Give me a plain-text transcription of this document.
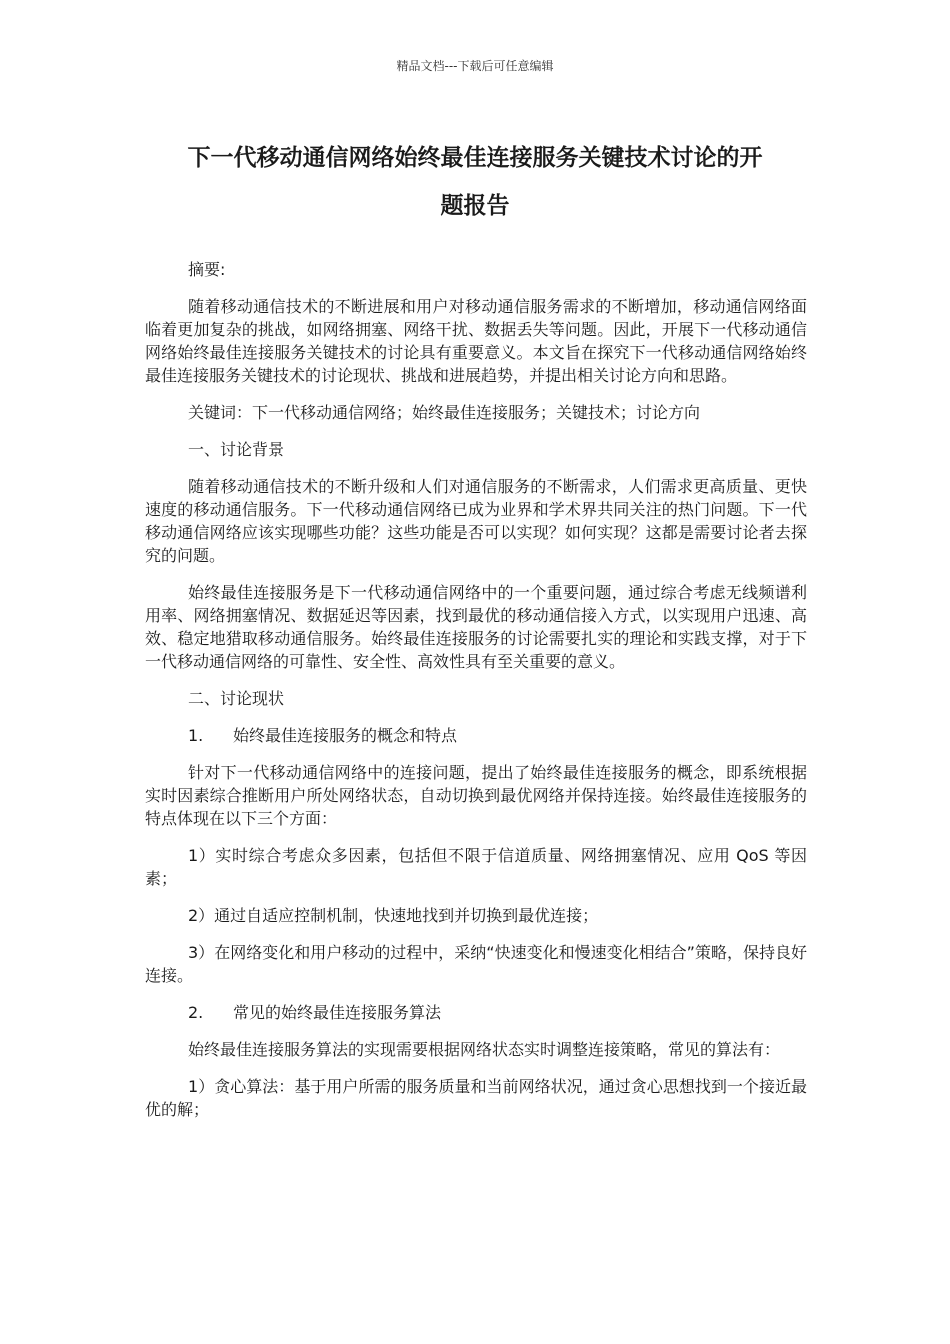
精品文档---下载后可任意编辑
下一代移动通信网络始终最佳连接服务关键技术讨论的开
题报告

摘要:

随着移动通信技术的不断进展和用户对移动通信服务需求的不断增加，移动通信网络面临着更加复杂的挑战，如网络拥塞、网络干扰、数据丢失等问题。因此，开展下一代移动通信网络始终最佳连接服务关键技术的讨论具有重要意义。本文旨在探究下一代移动通信网络始终最佳连接服务关键技术的讨论现状、挑战和进展趋势，并提出相关讨论方向和思路。

关键词：下一代移动通信网络；始终最佳连接服务；关键技术；讨论方向

一、讨论背景

随着移动通信技术的不断升级和人们对通信服务的不断需求，人们需求更高质量、更快速度的移动通信服务。下一代移动通信网络已成为业界和学术界共同关注的热门问题。下一代移动通信网络应该实现哪些功能？这些功能是否可以实现？如何实现？这都是需要讨论者去探究的问题。

始终最佳连接服务是下一代移动通信网络中的一个重要问题，通过综合考虑无线频谱利用率、网络拥塞情况、数据延迟等因素，找到最优的移动通信接入方式，以实现用户迅速、高效、稳定地猎取移动通信服务。始终最佳连接服务的讨论需要扎实的理论和实践支撑，对于下一代移动通信网络的可靠性、安全性、高效性具有至关重要的意义。

二、讨论现状

1. 始终最佳连接服务的概念和特点

针对下一代移动通信网络中的连接问题，提出了始终最佳连接服务的概念，即系统根据实时因素综合推断用户所处网络状态，自动切换到最优网络并保持连接。始终最佳连接服务的特点体现在以下三个方面：

1）实时综合考虑众多因素，包括但不限于信道质量、网络拥塞情况、应用 QoS 等因素；

2）通过自适应控制机制，快速地找到并切换到最优连接；

3）在网络变化和用户移动的过程中，采纳“快速变化和慢速变化相结合”策略，保持良好连接。

2. 常见的始终最佳连接服务算法

始终最佳连接服务算法的实现需要根据网络状态实时调整连接策略，常见的算法有：

1）贪心算法：基于用户所需的服务质量和当前网络状况，通过贪心思想找到一个接近最优的解；
